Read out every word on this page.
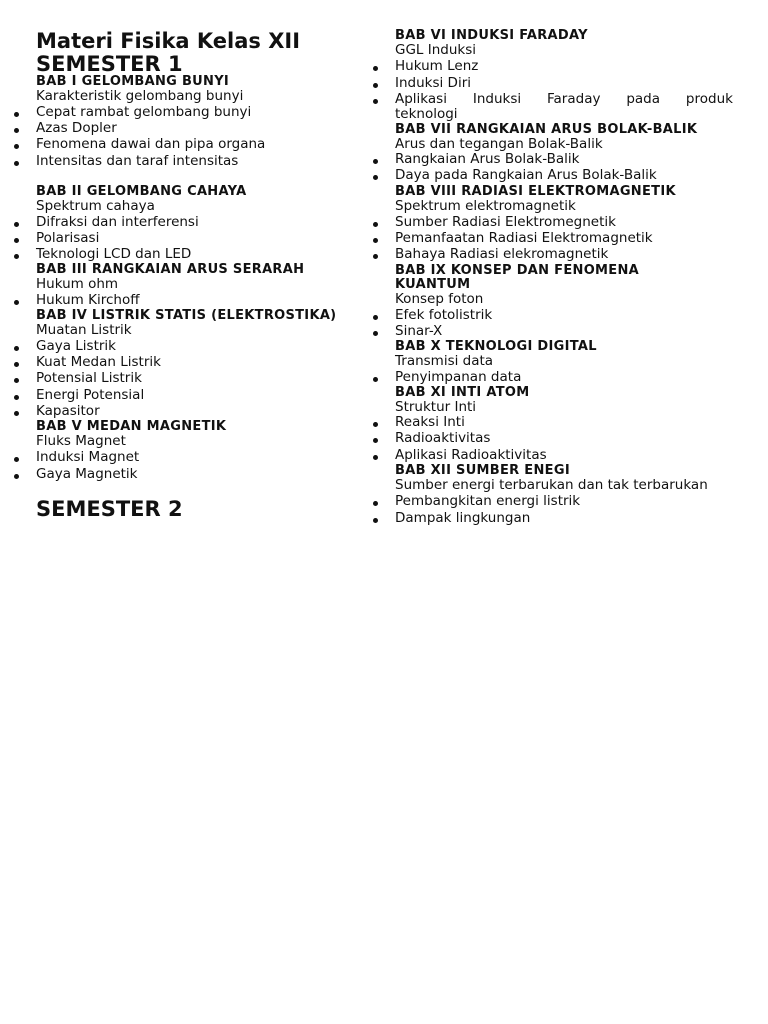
Materi Fisika Kelas XII
SEMESTER 1
BAB I GELOMBANG BUNYI
Karakteristik gelombang bunyi
Cepat rambat gelombang bunyi
Azas Dopler
Fenomena dawai dan pipa organa
Intensitas dan taraf intensitas
BAB II GELOMBANG CAHAYA
Spektrum cahaya
Difraksi dan interferensi
Polarisasi
Teknologi LCD dan LED
BAB III RANGKAIAN ARUS SERARAH
Hukum ohm
Hukum Kirchoff
BAB IV LISTRIK STATIS (ELEKTROSTIKA)
Muatan Listrik
Gaya Listrik
Kuat Medan Listrik
Potensial Listrik
Energi Potensial
Kapasitor
BAB V MEDAN MAGNETIK
Fluks Magnet
Induksi Magnet
Gaya Magnetik
SEMESTER 2
BAB VI INDUKSI FARADAY
GGL Induksi
Hukum Lenz
Induksi Diri
Aplikasi Induksi Faraday pada produk
teknologi
BAB VII RANGKAIAN ARUS BOLAK-BALIK
Arus dan tegangan Bolak-Balik
Rangkaian Arus Bolak-Balik
Daya pada Rangkaian Arus Bolak-Balik
BAB VIII RADIASI ELEKTROMAGNETIK
Spektrum elektromagnetik
Sumber Radiasi Elektromegnetik
Pemanfaatan Radiasi Elektromagnetik
Bahaya Radiasi elekromagnetik
BAB IX KONSEP DAN FENOMENA
KUANTUM
Konsep foton
Efek fotolistrik
Sinar-X
BAB X TEKNOLOGI DIGITAL
Transmisi data
Penyimpanan data
BAB XI INTI ATOM
Struktur Inti
Reaksi Inti
Radioaktivitas
Aplikasi Radioaktivitas
BAB XII SUMBER ENEGI
Sumber energi terbarukan dan tak terbarukan
Pembangkitan energi listrik
Dampak lingkungan
